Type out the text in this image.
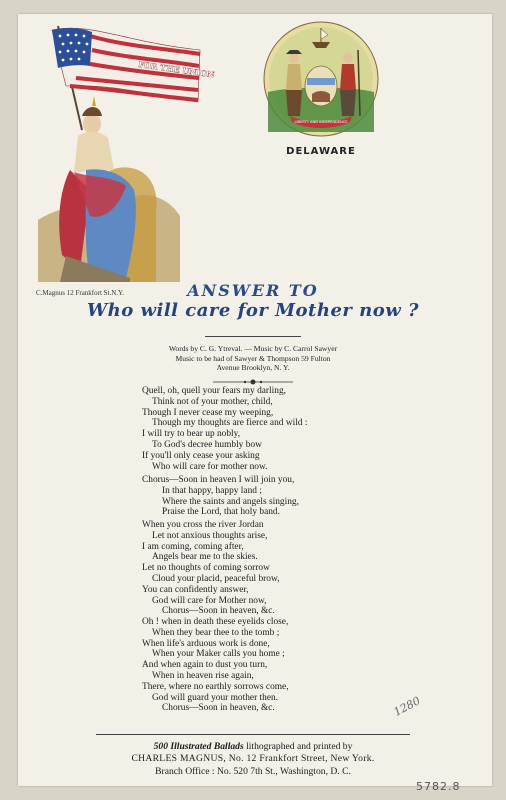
FOR THE UNION
LIBERTY AND INDEPENDENCE
DELAWARE
C.Magnus 12 Frankfort St.N.Y.	ANSWER TO
Who will care for Mother now ?
Words by C. G. Ytreval. — Music by C. Carrol Sawyer
Music to be had of Sawyer & Thompson 59 Fulton
Avenue Brooklyn, N. Y.
Quell, oh, quell your fears my darling,
Think not of your mother, child,
Though I never cease my weeping,
Though my thoughts are fierce and wild :
I will try to bear up nobly,
To God's decree humbly bow
If you'll only cease your asking
Who will care for mother now.
Chorus—Soon in heaven I will join you,
In that happy, happy land ;
Where the saints and angels singing,
Praise the Lord, that holy band.
When you cross the river Jordan
Let not anxious thoughts arise,
I am coming, coming after,
Angels bear me to the skies.
Let no thoughts of coming sorrow
Cloud your placid, peaceful brow,
You can confidently answer,
God will care for Mother now,
Chorus—Soon in heaven, &c.
Oh ! when in death these eyelids close,
When they bear thee to the tomb ;
When life's arduous work is done,
When your Maker calls you home ;
And when again to dust you turn,
When in heaven rise again,
There, where no earthly sorrows come,
God will guard your mother then.
Chorus—Soon in heaven, &c.
500 Illustrated Ballads lithographed and printed by
CHARLES MAGNUS, No. 12 Frankfort Street, New York.
Branch Office : No. 520 7th St., Washington, D. C.
1280
5782.8
